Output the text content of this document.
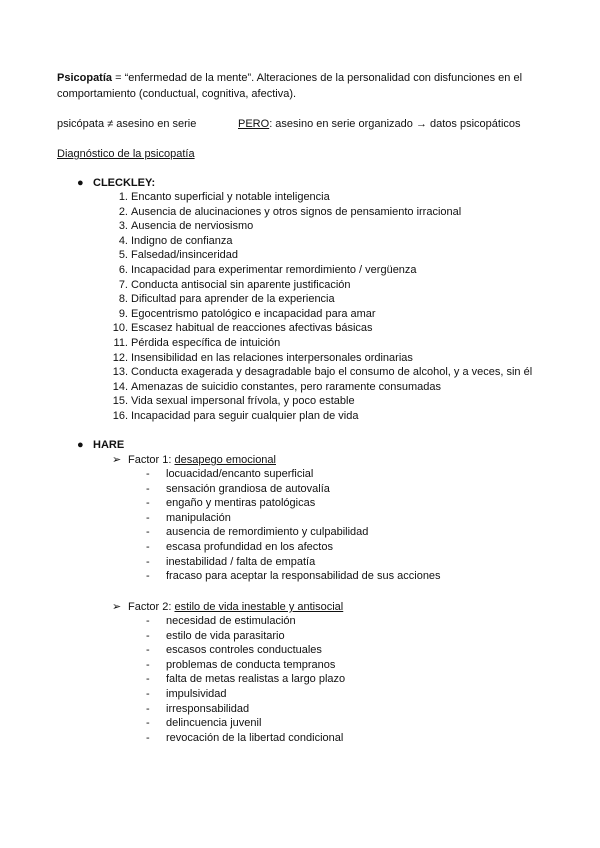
Psicopatía = “enfermedad de la mente”. Alteraciones de la personalidad con disfunciones en el comportamiento (conductual, cognitiva, afectiva).

psicópata ≠ asesino en serie	PERO: asesino en serie organizado → datos psicopáticos
Diagnóstico de la psicopatía
● CLECKLEY:
1. Encanto superficial y notable inteligencia
2. Ausencia de alucinaciones y otros signos de pensamiento irracional
3. Ausencia de nerviosismo
4. Indigno de confianza
5. Falsedad/insinceridad
6. Incapacidad para experimentar remordimiento / vergüenza
7. Conducta antisocial sin aparente justificación
8. Dificultad para aprender de la experiencia
9. Egocentrismo patológico e incapacidad para amar
10. Escasez habitual de reacciones afectivas básicas
11. Pérdida específica de intuición
12. Insensibilidad en las relaciones interpersonales ordinarias
13. Conducta exagerada y desagradable bajo el consumo de alcohol, y a veces, sin él
14. Amenazas de suicidio constantes, pero raramente consumadas
15. Vida sexual impersonal frívola, y poco estable
16. Incapacidad para seguir cualquier plan de vida
● HARE
➢ Factor 1: desapego emocional
- locuacidad/encanto superficial
- sensación grandiosa de autovalía
- engaño y mentiras patológicas
- manipulación
- ausencia de remordimiento y culpabilidad
- escasa profundidad en los afectos
- inestabilidad / falta de empatía
- fracaso para aceptar la responsabilidad de sus acciones
➢ Factor 2: estilo de vida inestable y antisocial
- necesidad de estimulación
- estilo de vida parasitario
- escasos controles conductuales
- problemas de conducta tempranos
- falta de metas realistas a largo plazo
- impulsividad
- irresponsabilidad
- delincuencia juvenil
- revocación de la libertad condicional
